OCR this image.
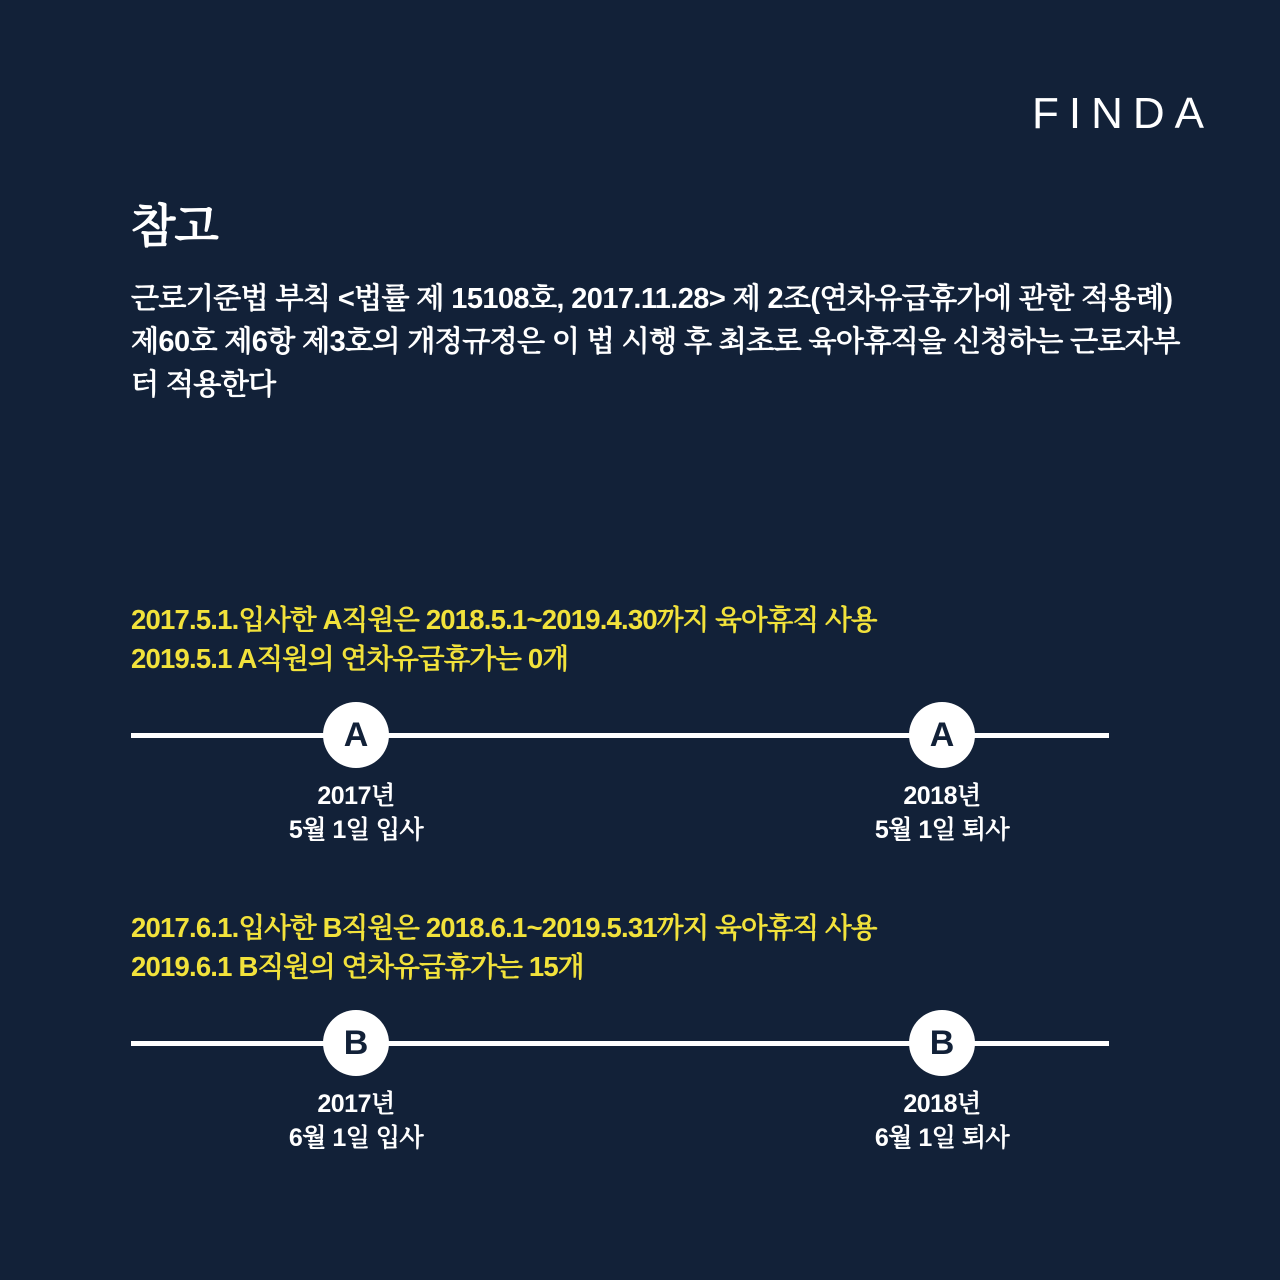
FINDA
참고

근로기준법 부칙 <법률 제 15108호, 2017.11.28> 제 2조(연차유급휴가에 관한 적용례) 제60호 제6항 제3호의 개정규정은 이 법 시행 후 최초로 육아휴직을 신청하는 근로자부터 적용한다

2017.5.1.입사한 A직원은 2018.5.1~2019.4.30까지 육아휴직 사용
2019.5.1 A직원의 연차유급휴가는 0개
A	A
2017년
5월 1일 입사
2018년
5월 1일 퇴사
2017.6.1.입사한 B직원은 2018.6.1~2019.5.31까지 육아휴직 사용
2019.6.1 B직원의 연차유급휴가는 15개
B	B
2017년
6월 1일 입사
2018년
6월 1일 퇴사
